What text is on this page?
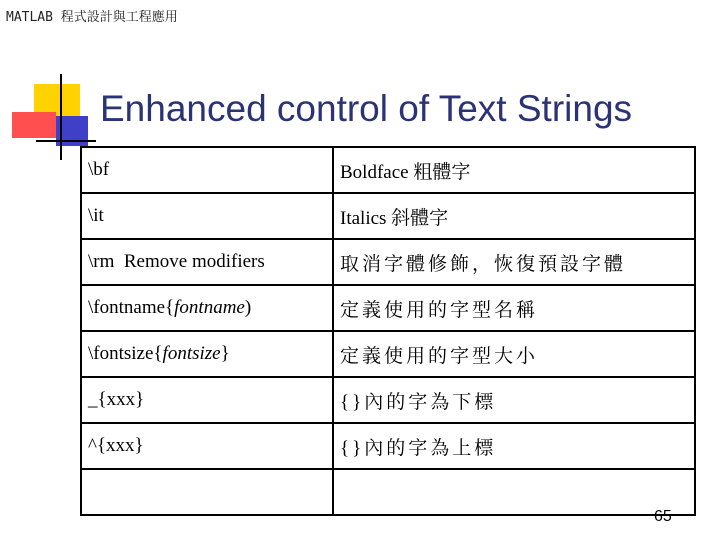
MATLAB 程式設計與工程應用
Enhanced control of Text Strings
\bf	Boldface 粗體字
\it	Italics 斜體字
\rm  Remove modifiers	取消字體修飾，恢復預設字體
\fontname{fontname)	定義使用的字型名稱
\fontsize{fontsize}	定義使用的字型大小
_{xxx}	{}內的字為下標
^{xxx}	{}內的字為上標

65
